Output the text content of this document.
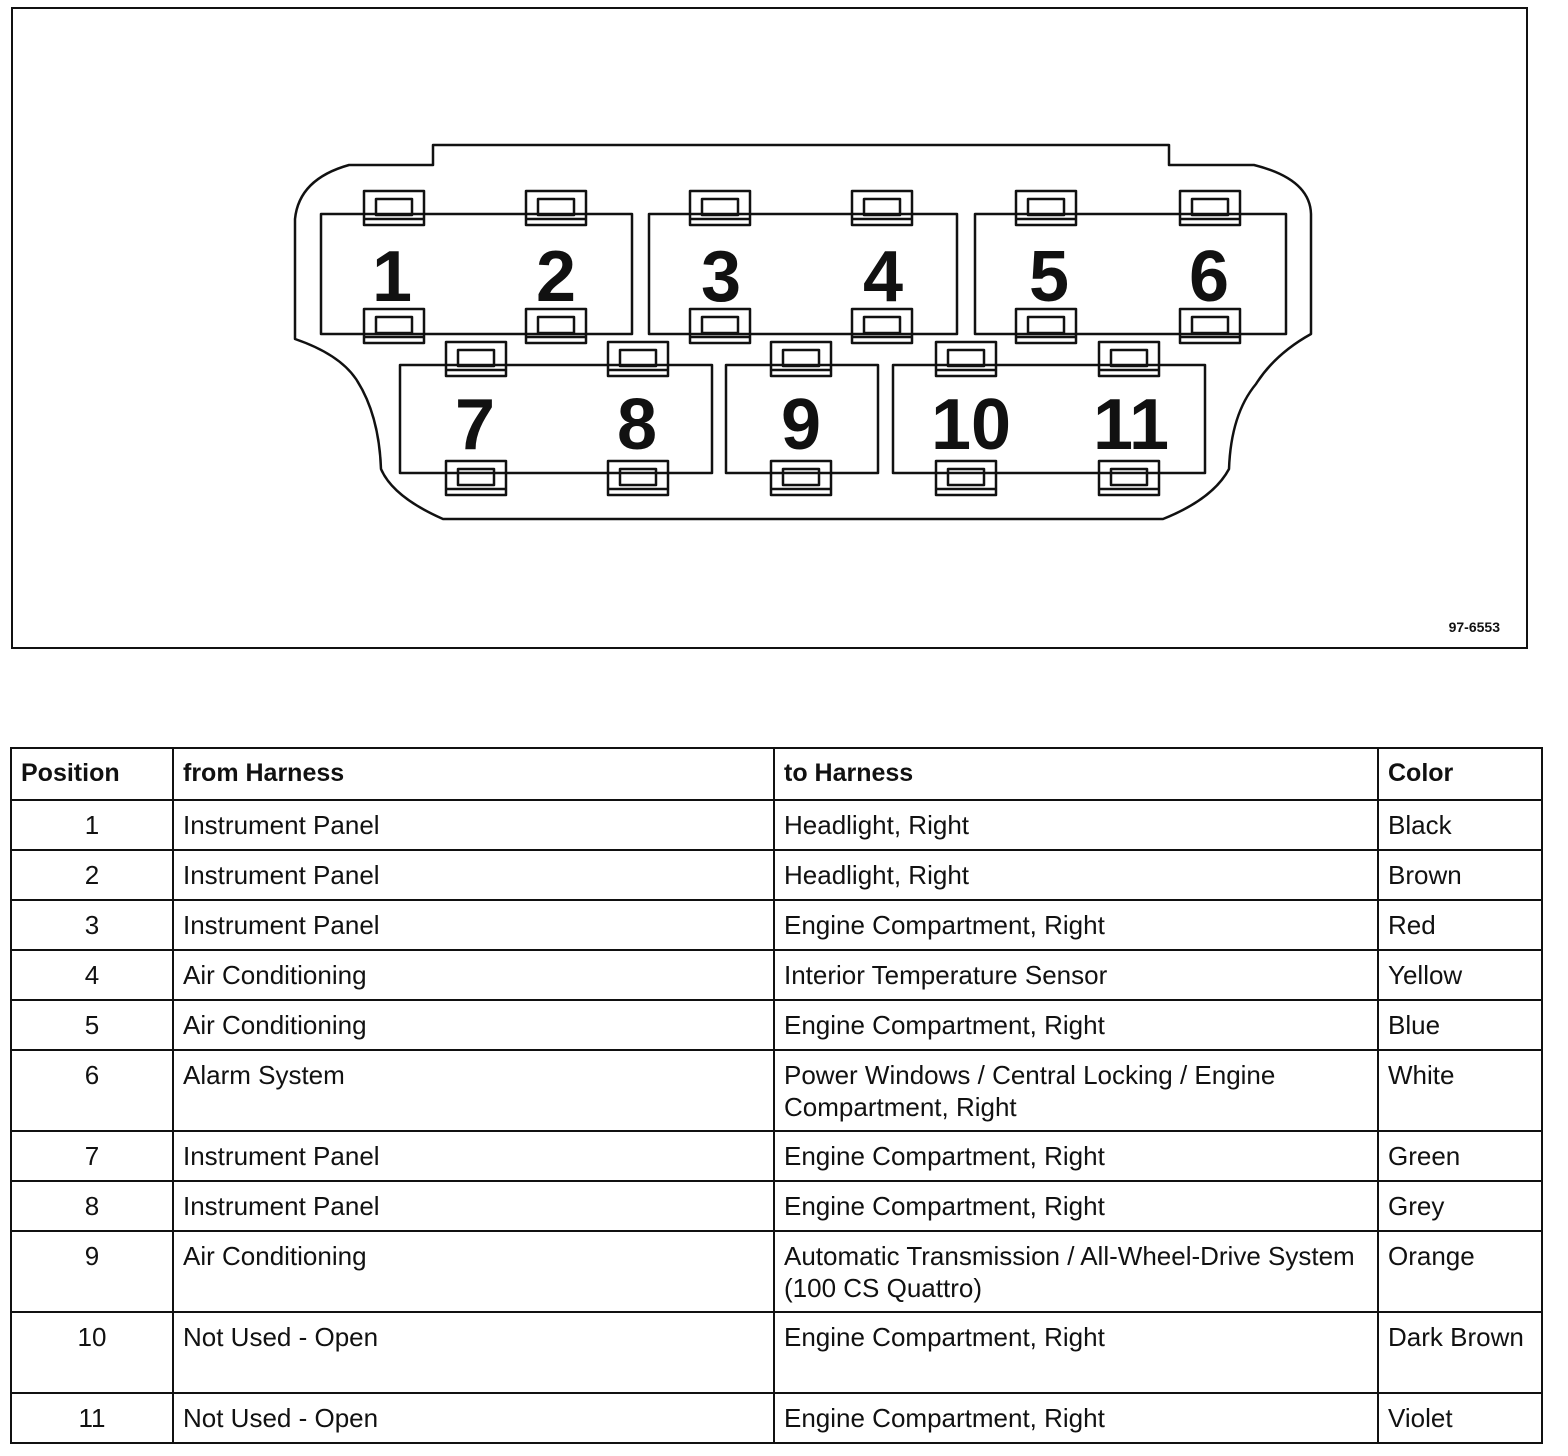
1 2 3 4 5 6
7 8 9 10 11
97-6553
Position	from Harness	to Harness	Color
1	Instrument Panel	Headlight, Right	Black
2	Instrument Panel	Headlight, Right	Brown
3	Instrument Panel	Engine Compartment, Right	Red
4	Air Conditioning	Interior Temperature Sensor	Yellow
5	Air Conditioning	Engine Compartment, Right	Blue
6	Alarm System	Power Windows / Central Locking / Engine Compartment, Right	White
7	Instrument Panel	Engine Compartment, Right	Green
8	Instrument Panel	Engine Compartment, Right	Grey
9	Air Conditioning	Automatic Transmission / All-Wheel-Drive System (100 CS Quattro)	Orange
10	Not Used - Open	Engine Compartment, Right	Dark Brown
11	Not Used - Open	Engine Compartment, Right	Violet
